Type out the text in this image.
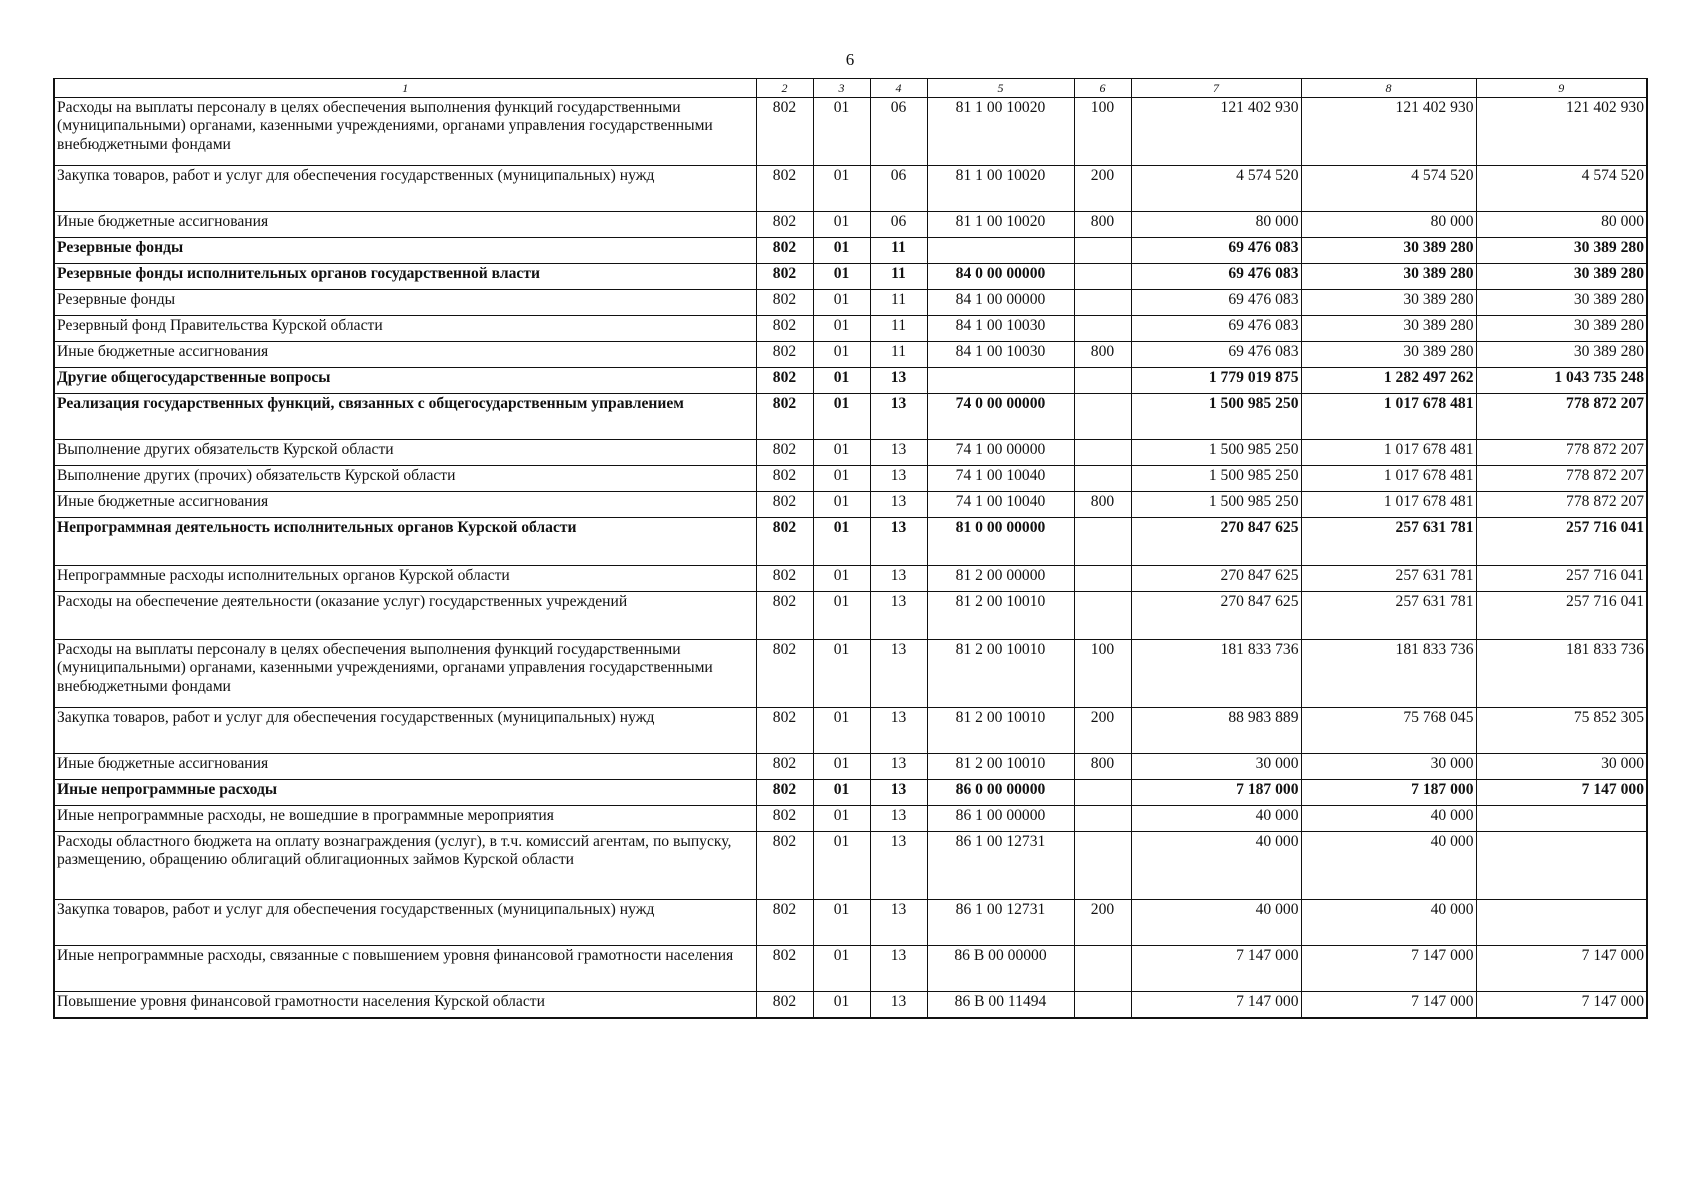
6
1	2	3	4	5	6	7	8	9
Расходы на выплаты персоналу в целях обеспечения выполнения функций государственными (муниципальными) органами, казенными учреждениями, органами управления государственными внебюджетными фондами	802	01	06	81 1 00 10020	100	121 402 930	121 402 930	121 402 930
Закупка товаров, работ и услуг для обеспечения государственных (муниципальных) нужд	802	01	06	81 1 00 10020	200	4 574 520	4 574 520	4 574 520
Иные бюджетные ассигнования	802	01	06	81 1 00 10020	800	80 000	80 000	80 000
Резервные фонды	802	01	11			69 476 083	30 389 280	30 389 280
Резервные фонды исполнительных органов государственной власти	802	01	11	84 0 00 00000		69 476 083	30 389 280	30 389 280
Резервные фонды	802	01	11	84 1 00 00000		69 476 083	30 389 280	30 389 280
Резервный фонд Правительства Курской области	802	01	11	84 1 00 10030		69 476 083	30 389 280	30 389 280
Иные бюджетные ассигнования	802	01	11	84 1 00 10030	800	69 476 083	30 389 280	30 389 280
Другие общегосударственные вопросы	802	01	13			1 779 019 875	1 282 497 262	1 043 735 248
Реализация государственных функций, связанных с общегосударственным управлением	802	01	13	74 0 00 00000		1 500 985 250	1 017 678 481	778 872 207
Выполнение других обязательств Курской области	802	01	13	74 1 00 00000		1 500 985 250	1 017 678 481	778 872 207
Выполнение других (прочих) обязательств Курской области	802	01	13	74 1 00 10040		1 500 985 250	1 017 678 481	778 872 207
Иные бюджетные ассигнования	802	01	13	74 1 00 10040	800	1 500 985 250	1 017 678 481	778 872 207
Непрограммная деятельность исполнительных органов Курской области	802	01	13	81 0 00 00000		270 847 625	257 631 781	257 716 041
Непрограммные расходы исполнительных органов Курской области	802	01	13	81 2 00 00000		270 847 625	257 631 781	257 716 041
Расходы на обеспечение деятельности (оказание услуг) государственных учреждений	802	01	13	81 2 00 10010		270 847 625	257 631 781	257 716 041
Расходы на выплаты персоналу в целях обеспечения выполнения функций государственными (муниципальными) органами, казенными учреждениями, органами управления государственными внебюджетными фондами	802	01	13	81 2 00 10010	100	181 833 736	181 833 736	181 833 736
Закупка товаров, работ и услуг для обеспечения государственных (муниципальных) нужд	802	01	13	81 2 00 10010	200	88 983 889	75 768 045	75 852 305
Иные бюджетные ассигнования	802	01	13	81 2 00 10010	800	30 000	30 000	30 000
Иные непрограммные расходы	802	01	13	86 0 00 00000		7 187 000	7 187 000	7 147 000
Иные непрограммные расходы, не вошедшие в программные мероприятия	802	01	13	86 1 00 00000		40 000	40 000	
Расходы областного бюджета на оплату вознаграждения (услуг), в т.ч. комиссий агентам, по выпуску, размещению, обращению облигаций облигационных займов Курской области	802	01	13	86 1 00 12731		40 000	40 000	
Закупка товаров, работ и услуг для обеспечения государственных (муниципальных) нужд	802	01	13	86 1 00 12731	200	40 000	40 000	
Иные непрограммные расходы, связанные с повышением уровня финансовой грамотности населения	802	01	13	86 В 00 00000		7 147 000	7 147 000	7 147 000
Повышение уровня финансовой грамотности населения Курской области	802	01	13	86 В 00 11494		7 147 000	7 147 000	7 147 000
